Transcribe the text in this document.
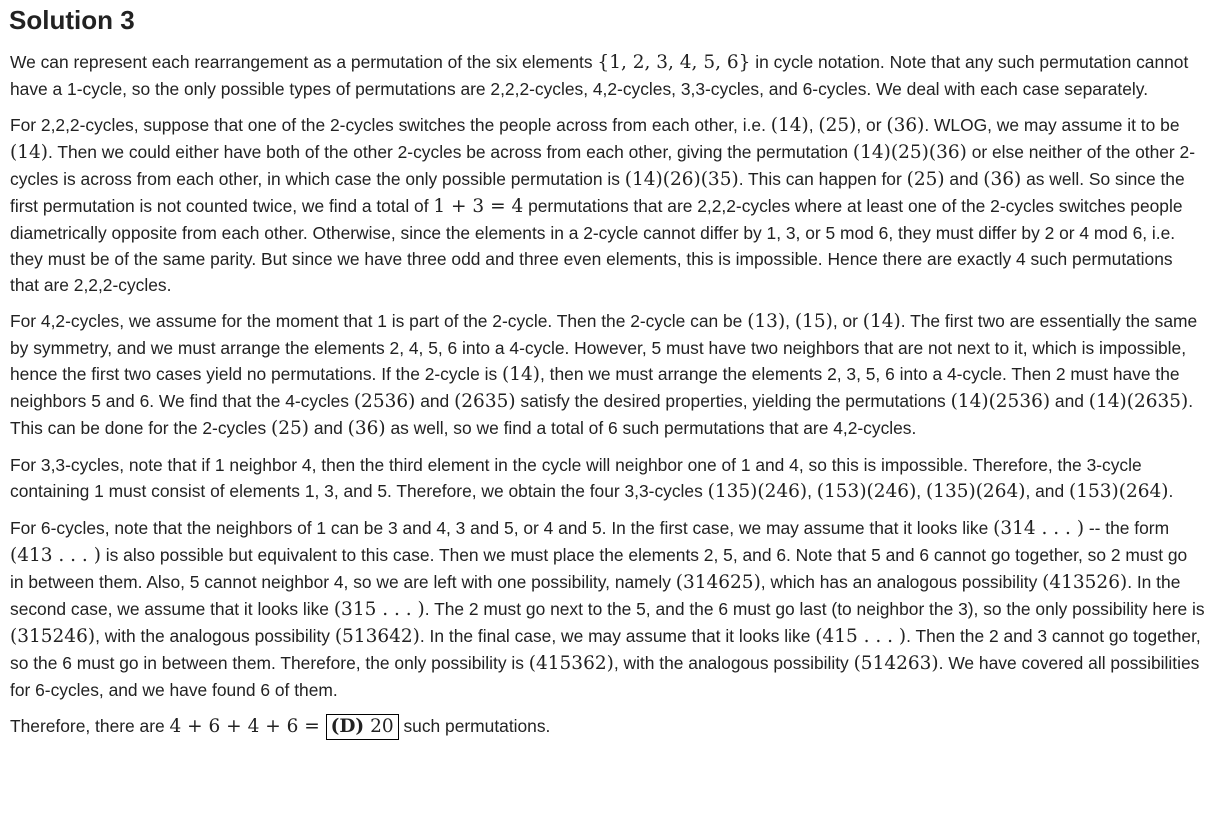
Solution 3

We can represent each rearrangement as a permutation of the six elements {1, 2, 3, 4, 5, 6} in cycle notation. Note that any such permutation cannot have a 1-cycle, so the only possible types of permutations are 2,2,2-cycles, 4,2-cycles, 3,3-cycles, and 6-cycles. We deal with each case separately.

For 2,2,2-cycles, suppose that one of the 2-cycles switches the people across from each other, i.e. (14), (25), or (36). WLOG, we may assume it to be (14). Then we could either have both of the other 2-cycles be across from each other, giving the permutation (14)(25)(36) or else neither of the other 2-cycles is across from each other, in which case the only possible permutation is (14)(26)(35). This can happen for (25) and (36) as well. So since the first permutation is not counted twice, we find a total of 1 + 3 = 4 permutations that are 2,2,2-cycles where at least one of the 2-cycles switches people diametrically opposite from each other. Otherwise, since the elements in a 2-cycle cannot differ by 1, 3, or 5 mod 6, they must differ by 2 or 4 mod 6, i.e. they must be of the same parity. But since we have three odd and three even elements, this is impossible. Hence there are exactly 4 such permutations that are 2,2,2-cycles.

For 4,2-cycles, we assume for the moment that 1 is part of the 2-cycle. Then the 2-cycle can be (13), (15), or (14). The first two are essentially the same by symmetry, and we must arrange the elements 2, 4, 5, 6 into a 4-cycle. However, 5 must have two neighbors that are not next to it, which is impossible, hence the first two cases yield no permutations. If the 2-cycle is (14), then we must arrange the elements 2, 3, 5, 6 into a 4-cycle. Then 2 must have the neighbors 5 and 6. We find that the 4-cycles (2536) and (2635) satisfy the desired properties, yielding the permutations (14)(2536) and (14)(2635). This can be done for the 2-cycles (25) and (36) as well, so we find a total of 6 such permutations that are 4,2-cycles.

For 3,3-cycles, note that if 1 neighbor 4, then the third element in the cycle will neighbor one of 1 and 4, so this is impossible. Therefore, the 3-cycle containing 1 must consist of elements 1, 3, and 5. Therefore, we obtain the four 3,3-cycles (135)(246), (153)(246), (135)(264), and (153)(264).

For 6-cycles, note that the neighbors of 1 can be 3 and 4, 3 and 5, or 4 and 5. In the first case, we may assume that it looks like (314 . . . ) -- the form (413 . . . ) is also possible but equivalent to this case. Then we must place the elements 2, 5, and 6. Note that 5 and 6 cannot go together, so 2 must go in between them. Also, 5 cannot neighbor 4, so we are left with one possibility, namely (314625), which has an analogous possibility (413526). In the second case, we assume that it looks like (315 . . . ). The 2 must go next to the 5, and the 6 must go last (to neighbor the 3), so the only possibility here is (315246), with the analogous possibility (513642). In the final case, we may assume that it looks like (415 . . . ). Then the 2 and 3 cannot go together, so the 6 must go in between them. Therefore, the only possibility is (415362), with the analogous possibility (514263). We have covered all possibilities for 6-cycles, and we have found 6 of them.

Therefore, there are 4 + 6 + 4 + 6 = (D) 20 such permutations.
